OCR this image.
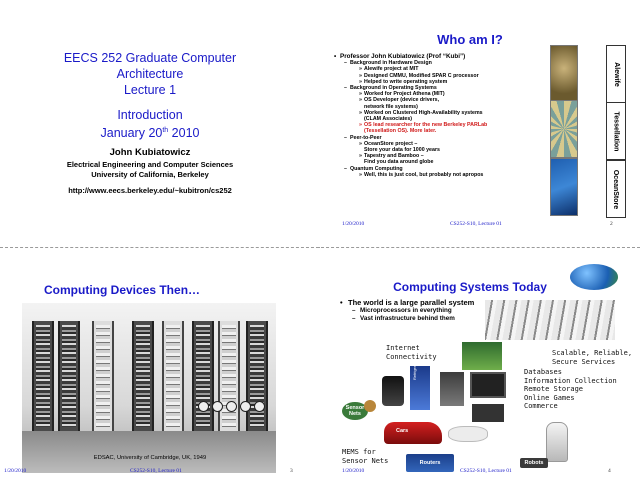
EECS 252 Graduate Computer
Architecture
Lecture 1
Introduction
January 20th 2010
John Kubiatowicz
Electrical Engineering and Computer Sciences
University of California, Berkeley
http://www.eecs.berkeley.edu/~kubitron/cs252
Who am I?
• Professor John Kubiatowicz (Prof “Kubi”)
– Background in Hardware Design
» Alewife project at MIT
» Designed CMMU, Modified SPAR C processor
» Helped to write operating system
– Background in Operating Systems
» Worked for Project Athena (MIT)
» OS Developer (device drivers,
network file systems)
» Worked on Clustered High-Availability systems
(CLAM Associates)
» OS lead researcher for the new Berkeley PARLab
(Tessellation OS). More later.
– Peer-to-Peer
» OceanStore project –
Store your data for 1000 years
» Tapestry and Bamboo –
Find you data around globe
– Quantum Computing
» Well, this is just cool, but probably not apropos
Alewife
Tessellation
OceanStore
1/20/2010	CS252-S10, Lecture 01	2
Computing Devices Then…
EDSAC, University of Cambridge, UK, 1949
1/20/2010	CS252-S10, Lecture 01	3
Computing Systems Today
• The world is a large parallel system
– Microprocessors in everything
– Vast infrastructure behind them
Internet
Connectivity	Scalable, Reliable,
Secure Services
Databases
Information Collection
Remote Storage
Online Games
Commerce
Refrigerators
Sensor
Nets
Cars
MEMS for
Sensor Nets	Routers	Robots
1/20/2010	CS252-S10, Lecture 01	4
